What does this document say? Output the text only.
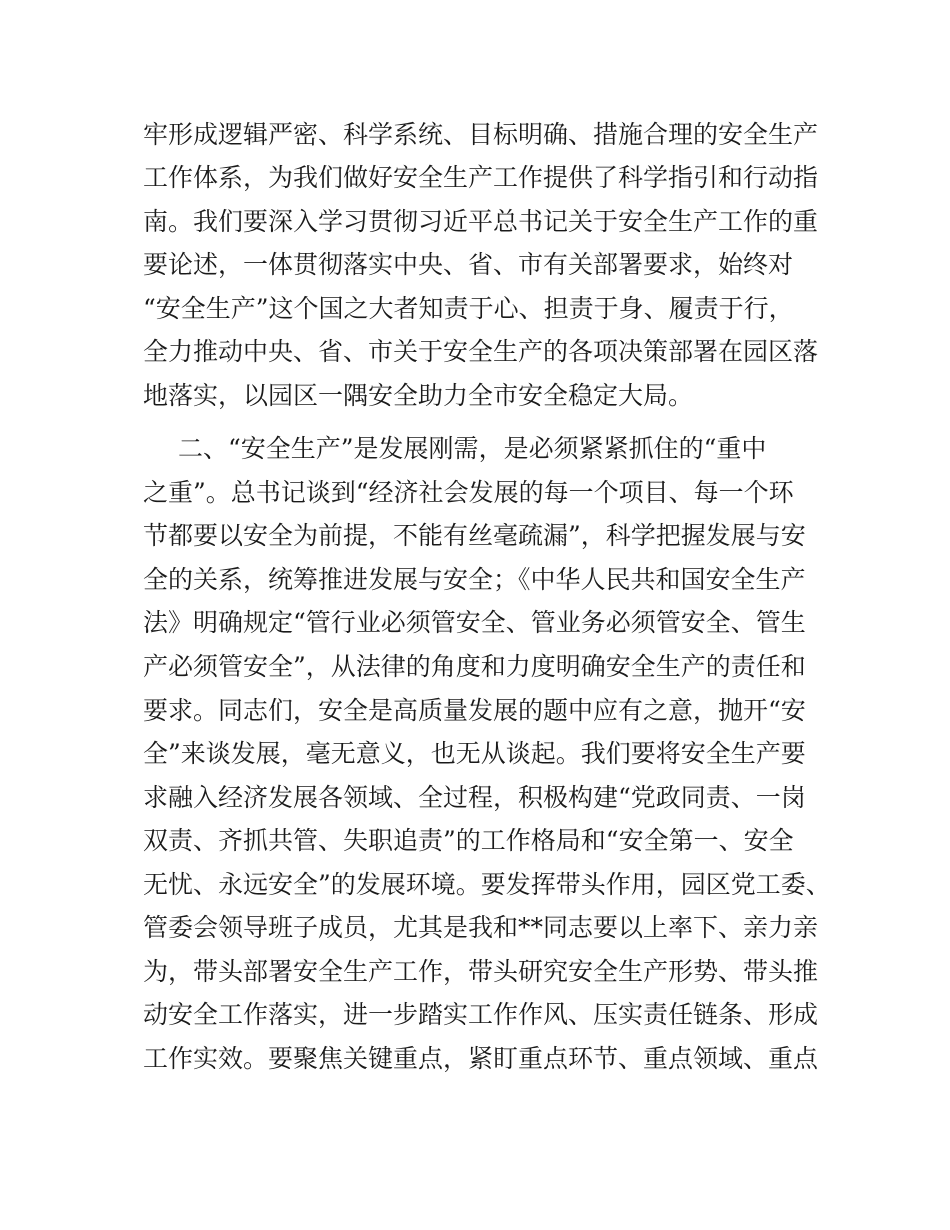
牢形成逻辑严密、科学系统、目标明确、措施合理的安全生产
工作体系，为我们做好安全生产工作提供了科学指引和行动指
南。我们要深入学习贯彻习近平总书记关于安全生产工作的重
要论述，一体贯彻落实中央、省、市有关部署要求，始终对
“安全生产”这个国之大者知责于心、担责于身、履责于行，
全力推动中央、省、市关于安全生产的各项决策部署在园区落
地落实，以园区一隅安全助力全市安全稳定大局。
二、“安全生产”是发展刚需，是必须紧紧抓住的“重中
之重”。总书记谈到“经济社会发展的每一个项目、每一个环
节都要以安全为前提，不能有丝毫疏漏”，科学把握发展与安
全的关系，统筹推进发展与安全；《中华人民共和国安全生产
法》明确规定“管行业必须管安全、管业务必须管安全、管生
产必须管安全”，从法律的角度和力度明确安全生产的责任和
要求。同志们，安全是高质量发展的题中应有之意，抛开“安
全”来谈发展，毫无意义，也无从谈起。我们要将安全生产要
求融入经济发展各领域、全过程，积极构建“党政同责、一岗
双责、齐抓共管、失职追责”的工作格局和“安全第一、安全
无忧、永远安全”的发展环境。要发挥带头作用，园区党工委、
管委会领导班子成员，尤其是我和**同志要以上率下、亲力亲
为，带头部署安全生产工作，带头研究安全生产形势、带头推
动安全工作落实，进一步踏实工作作风、压实责任链条、形成
工作实效。要聚焦关键重点，紧盯重点环节、重点领域、重点
